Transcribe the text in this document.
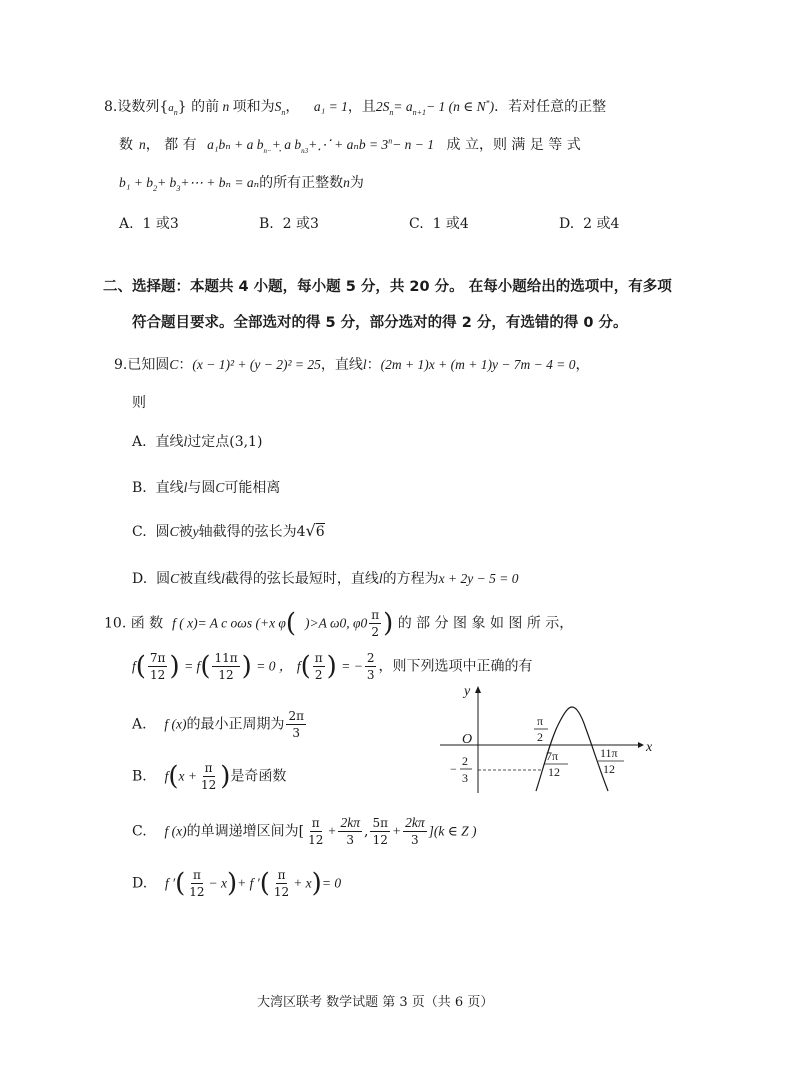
8.设数列$\{a_n\}$ 的前 n 项和为$S_n$， a₁ = 1，且$2S_n= a_{n+1}- 1$ (n ∈ N*)．若对任意的正整
数 n， 都 有 a₁bₙ + a $b_{n-}+̣$ a $b_{n3}+⋰ + a_nb = 3^n- n - 1$ 成 立，则 满 足 等 式
$b_1 + b_2+$ $b_3+\cdots + b_n = a_n$的所有正整数n为
A. 1 或3	B. 2 或3	C. 1 或4	D. 2 或4
二、选择题：本题共 4 小题，每小题 5 分，共 20 分。 在每小题给出的选项中，有多项
符合题目要求。全部选对的得 5 分，部分选对的得 2 分，有选错的得 0 分。
9.已知圆C：(x − 1)² + (y − 2)² = 25，直线l：(2m + 1)x + (m + 1)y − 7m − 4 = 0，
则
A. 直线l过定点(3,1)
B. 直线l与圆C可能相离
C. 圆C被y轴截得的弦长为4√6
D. 圆C被直线l截得的弦长最短时，直线l的方程为x + 2y − 5 = 0
10. 函 数 f ( x)= A c oωs (+x φ( )>A ω0, $\varphi 0 \frac{\pi}{2}$ ) 的 部 分 图 象 如 图 所 示，
$f( \frac{7\pi}{12}$ ) = $f( \frac{11\pi}{12}$ ) = 0 ， $f( \frac{\pi}{2}$ ) = − $\frac{2}{3}$ ，则下列选项中正确的有
A. f (x)的最小正周期为 $\frac{2\pi}{3}$
B. $f(x + \frac{\pi}{12}$ )是奇函数
C. f (x)的单调递增区间为[ $\frac{\pi}{12} + \frac{2k\pi}{3}$ , $\frac{5\pi}{12} + \frac{2k\pi}{3} ](k$ ∈ Z )
D. f ′( $\frac{\pi}{12} - x)+ f$ ′( $\frac{\pi}{12} + x)= 0$
y
x
O
π
2
−
2
3
7π
12
11π
12
大湾区联考 数学试题 第 3 页（共 6 页）
